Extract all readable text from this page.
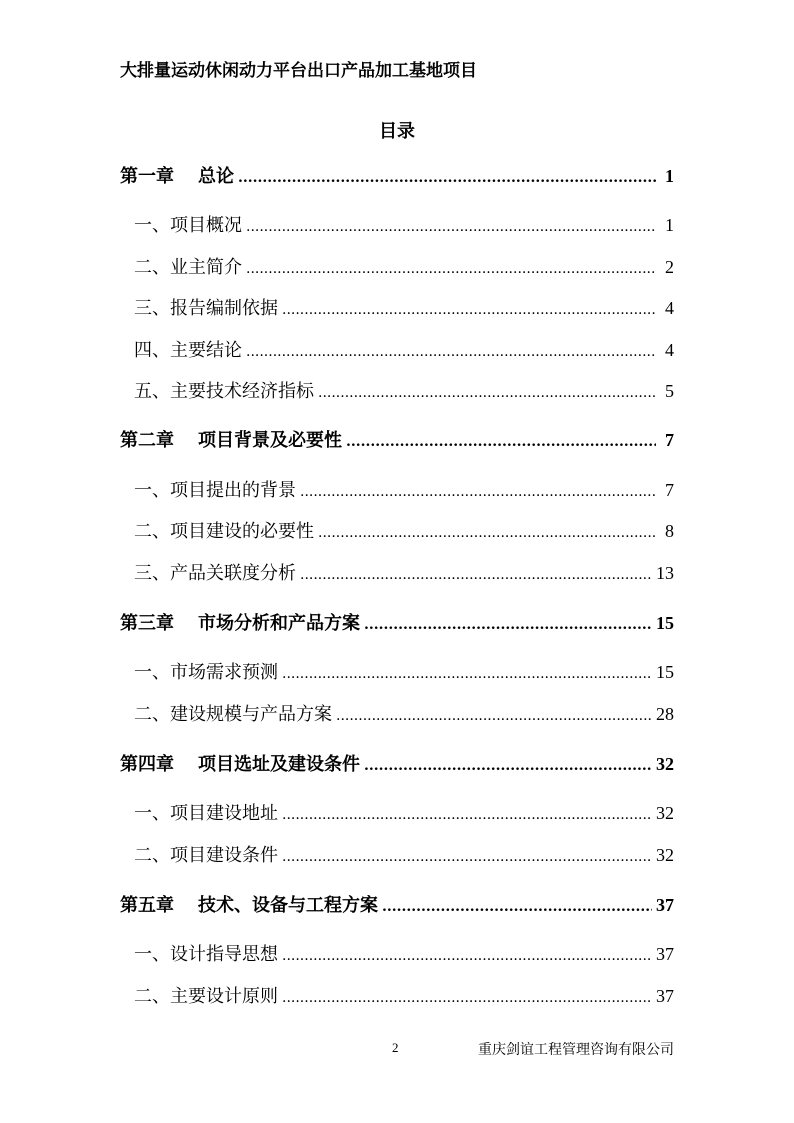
大排量运动休闲动力平台出口产品加工基地项目
目录
第一章 总论 .....	1
一、 项目概况 .....	1
二、 业主简介 .....	2
三、 报告编制依据 .....	4
四、 主要结论 .....	4
五、 主要技术经济指标 .....	5
第二章 项目背景及必要性 .....	7
一、 项目提出的背景 .....	7
二、 项目建设的必要性 .....	8
三、 产品关联度分析 .....	13
第三章 市场分析和产品方案 .....	15
一、 市场需求预测 .....	15
二、 建设规模与产品方案 .....	28
第四章 项目选址及建设条件 .....	32
一、 项目建设地址 .....	32
二、 项目建设条件 .....	32
第五章 技术、设备与工程方案 .....	37
一、 设计指导思想 .....	37
二、 主要设计原则 .....	37
2	重庆剑谊工程管理咨询有限公司
